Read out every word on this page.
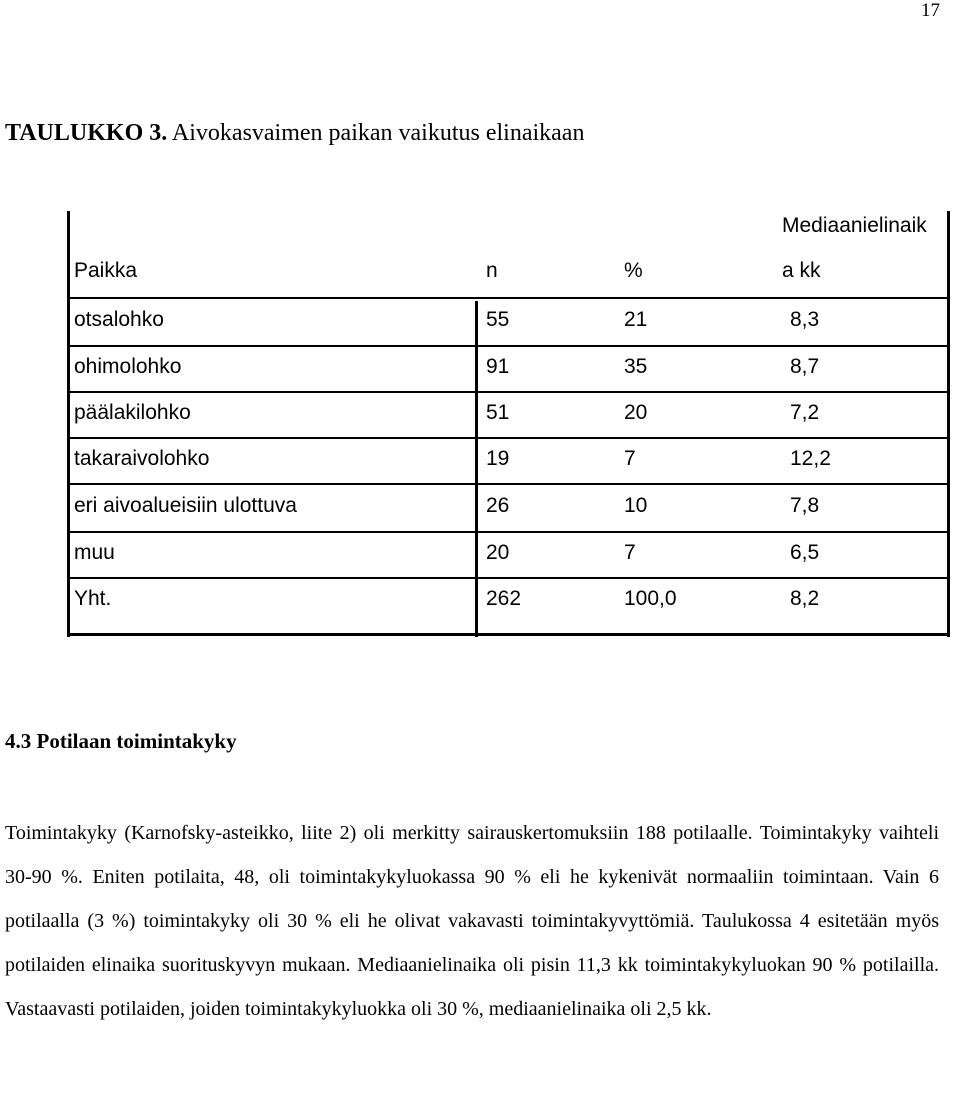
17
TAULUKKO 3. Aivokasvaimen paikan vaikutus elinaikaan
Mediaanielinaik
Paikka	n	%	a kk
otsalohko	55	21	8,3
ohimolohko	91	35	8,7
päälakilohko	51	20	7,2
takaraivolohko	19	7	12,2
eri aivoalueisiin ulottuva	26	10	7,8
muu	20	7	6,5
Yht.	262	100,0	8,2
4.3 Potilaan toimintakyky
Toimintakyky (Karnofsky-asteikko, liite 2) oli merkitty sairauskertomuksiin 188 potilaalle. Toimintakyky vaihteli 30‐90 %. Eniten potilaita, 48, oli toimintakykyluokassa 90 % eli he kykenivät normaaliin toimintaan. Vain 6 potilaalla (3 %) toimintakyky oli 30 % eli he olivat vakavasti toimintakyvyttömiä. Taulukossa 4 esitetään myös potilaiden elinaika suorituskyvyn mukaan. Mediaanielinaika oli pisin 11,3 kk toimintakykyluokan 90 % potilailla. Vastaavasti potilaiden, joiden toimintakykyluokka oli 30 %, mediaanielinaika oli 2,5 kk.
